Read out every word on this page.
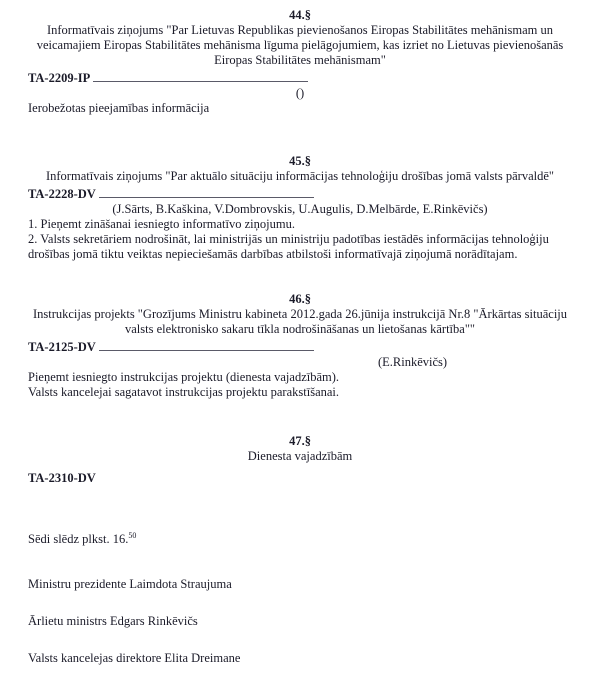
44.§
Informatīvais ziņojums "Par Lietuvas Republikas pievienošanos Eiropas Stabilitātes mehānismam un
veicamajiem Eiropas Stabilitātes mehānisma līguma pielāgojumiem, kas izriet no Lietuvas pievienošanās
Eiropas Stabilitātes mehānismam"
TA-2209-IP
()

Ierobežotas pieejamības informācija

45.§
Informatīvais ziņojums "Par aktuālo situāciju informācijas tehnoloģiju drošības jomā valsts pārvaldē"
TA-2228-DV
(J.Sārts, B.Kaškina, V.Dombrovskis, U.Augulis, D.Melbārde, E.Rinkēvičs)

1. Pieņemt zināšanai iesniegto informatīvo ziņojumu.

2. Valsts sekretāriem nodrošināt, lai ministrijās un ministriju padotības iestādēs informācijas tehnoloģiju drošības jomā tiktu veiktas nepieciešamās darbības atbilstoši informatīvajā ziņojumā norādītajam.

46.§
Instrukcijas projekts "Grozījums Ministru kabineta 2012.gada 26.jūnija instrukcijā Nr.8 "Ārkārtas situāciju
valsts elektronisko sakaru tīkla nodrošināšanas un lietošanas kārtība""
TA-2125-DV
(E.Rinkēvičs)

Pieņemt iesniegto instrukcijas projektu (dienesta vajadzībām).

Valsts kancelejai sagatavot instrukcijas projektu parakstīšanai.

47.§
Dienesta vajadzībām
TA-2310-DV

Sēdi slēdz plkst. 16.50

Ministru prezidente Laimdota Straujuma

Ārlietu ministrs Edgars Rinkēvičs

Valsts kancelejas direktore Elita Dreimane
